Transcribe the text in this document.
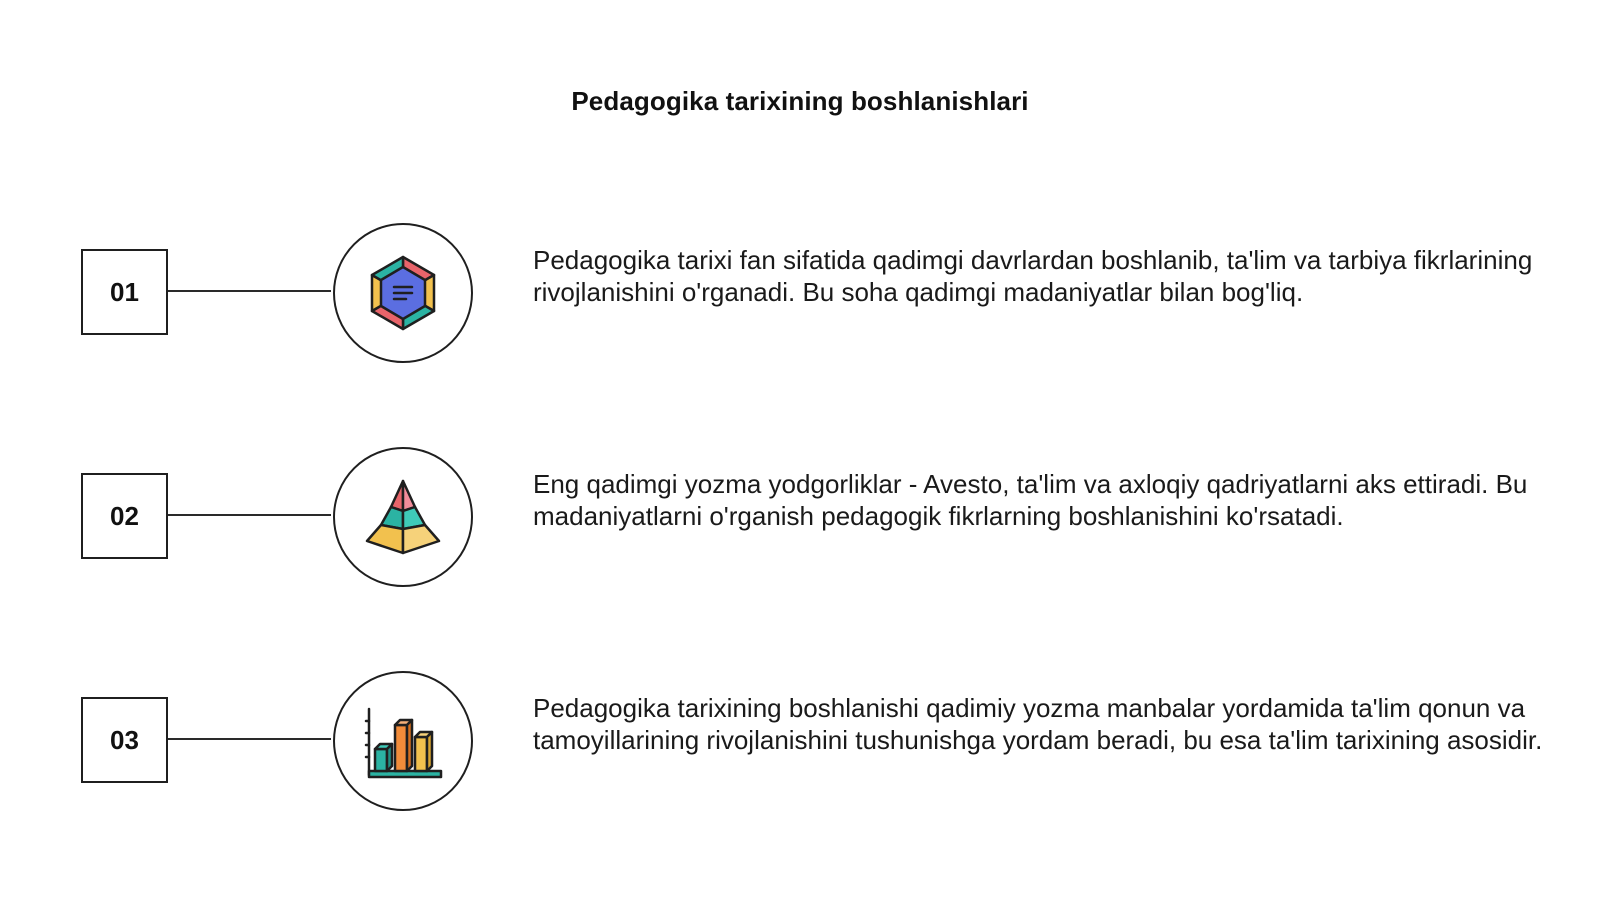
Pedagogika tarixining boshlanishlari
01
Pedagogika tarixi fan sifatida qadimgi davrlardan boshlanib, ta'lim va tarbiya fikrlarining rivojlanishini o'rganadi. Bu soha qadimgi madaniyatlar bilan bog'liq.
02
Eng qadimgi yozma yodgorliklar - Avesto, ta'lim va axloqiy qadriyatlarni aks ettiradi. Bu madaniyatlarni o'rganish pedagogik fikrlarning boshlanishini ko'rsatadi.
03
Pedagogika tarixining boshlanishi qadimiy yozma manbalar yordamida ta'lim qonun va tamoyillarining rivojlanishini tushunishga yordam beradi, bu esa ta'lim tarixining asosidir.
